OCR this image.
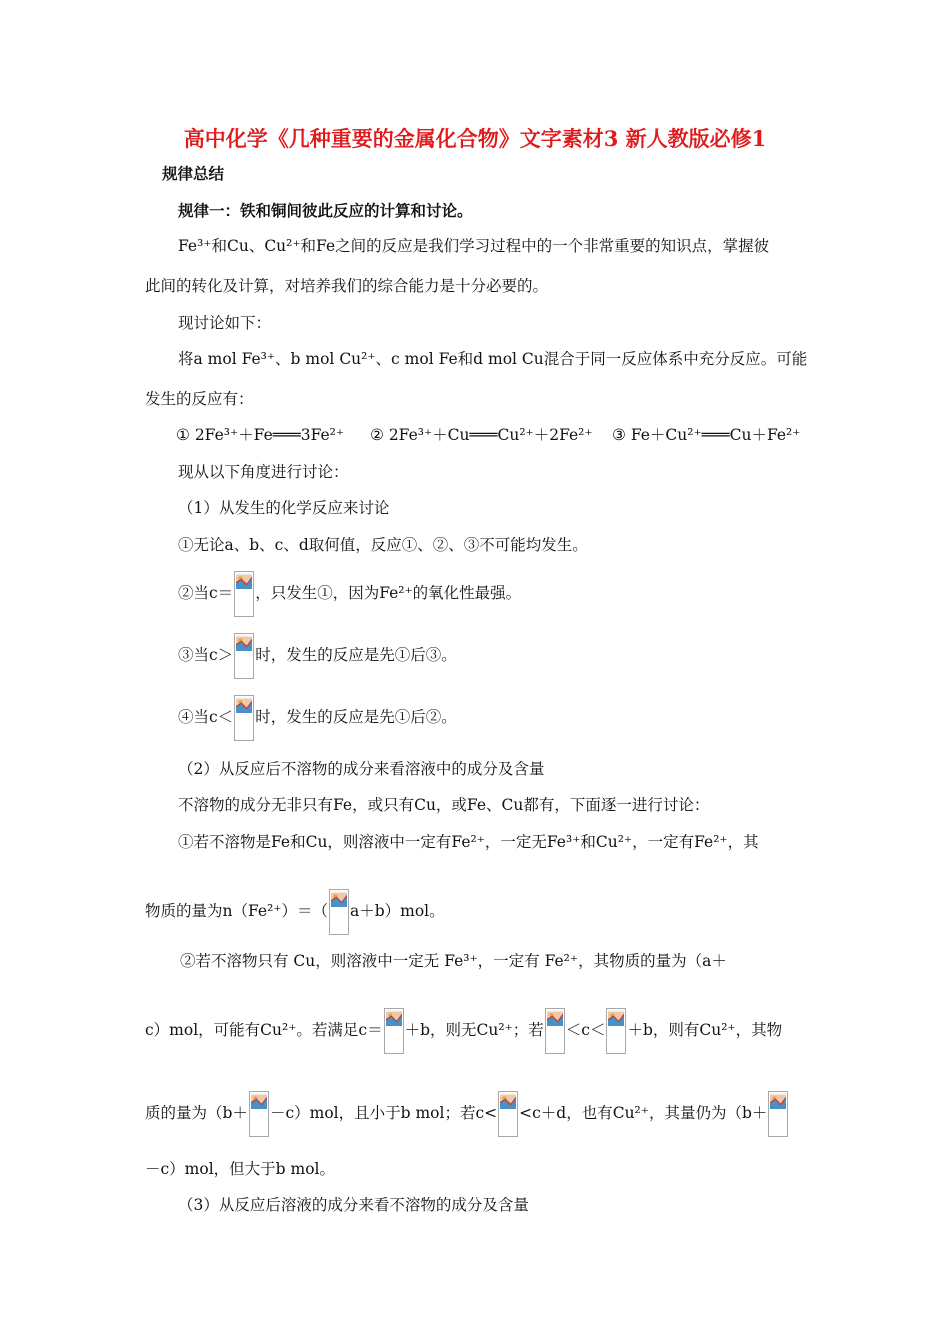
高中化学《几种重要的金属化合物》文字素材3 新人教版必修1
规律总结
规律一：铁和铜间彼此反应的计算和讨论。
Fe³⁺和Cu、Cu²⁺和Fe之间的反应是我们学习过程中的一个非常重要的知识点，掌握彼
此间的转化及计算，对培养我们的综合能力是十分必要的。
现讨论如下：
将a mol Fe³⁺、b mol Cu²⁺、c mol Fe和d mol Cu混合于同一反应体系中充分反应。可能
发生的反应有：
① 2Fe³⁺＋Fe═══3Fe²⁺ ② 2Fe³⁺＋Cu═══Cu²⁺＋2Fe²⁺ ③ Fe＋Cu²⁺═══Cu＋Fe²⁺
现从以下角度进行讨论：
（1）从发生的化学反应来讨论
①无论a、b、c、d取何值，反应①、②、③不可能均发生。
②当c＝ ，只发生①，因为Fe²⁺的氧化性最强。
③当c＞ 时，发生的反应是先①后③。
④当c＜ 时，发生的反应是先①后②。
（2）从反应后不溶物的成分来看溶液中的成分及含量
不溶物的成分无非只有Fe，或只有Cu，或Fe、Cu都有，下面逐一进行讨论：
①若不溶物是Fe和Cu，则溶液中一定有Fe²⁺，一定无Fe³⁺和Cu²⁺，一定有Fe²⁺，其
物质的量为n（Fe²⁺）＝（ a＋b）mol。
②若不溶物只有 Cu，则溶液中一定无 Fe³⁺，一定有 Fe²⁺，其物质的量为（a＋
c）mol，可能有Cu²⁺。若满足c＝ ＋b，则无Cu²⁺；若 ＜c＜ ＋b，则有Cu²⁺，其物
质的量为（b＋ －c）mol，且小于b mol；若c< <c＋d，也有Cu²⁺，其量仍为（b＋
－c）mol，但大于b mol。
（3）从反应后溶液的成分来看不溶物的成分及含量
